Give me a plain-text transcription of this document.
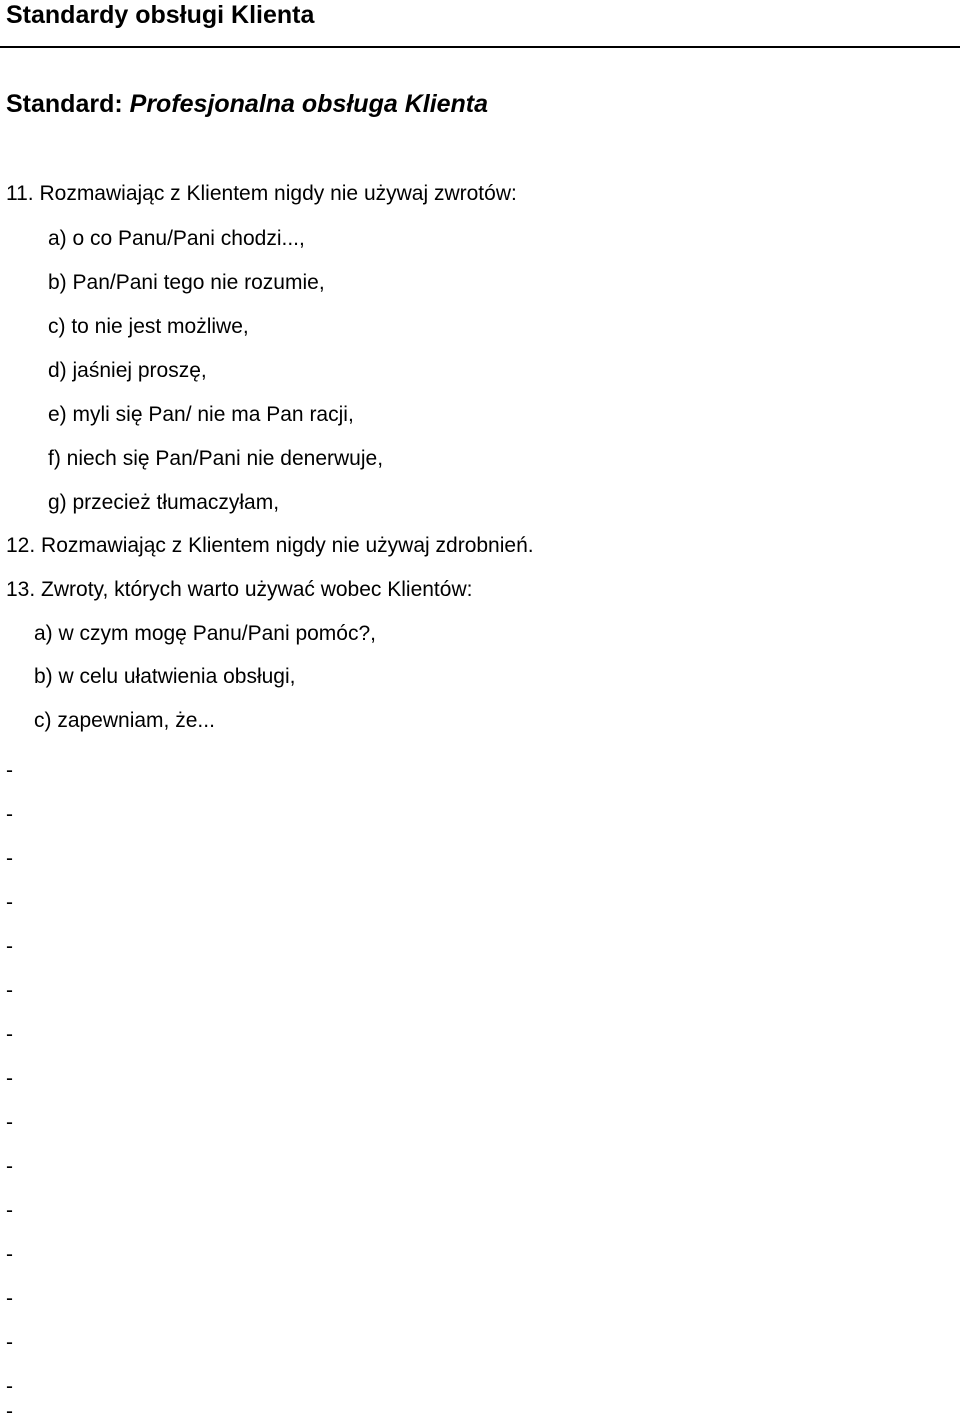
Standardy obsługi Klienta
Standard: Profesjonalna obsługa Klienta
11. Rozmawiając z Klientem nigdy nie używaj zwrotów:
a) o co Panu/Pani chodzi...,
b) Pan/Pani tego nie rozumie,
c) to nie jest możliwe,
d) jaśniej proszę,
e) myli się Pan/ nie ma Pan racji,
f) niech się Pan/Pani nie denerwuje,
g) przecież tłumaczyłam,
12. Rozmawiając z Klientem nigdy nie używaj zdrobnień.
13. Zwroty, których warto używać wobec Klientów:
a) w czym mogę Panu/Pani pomóc?,
b) w celu ułatwienia obsługi,
c) zapewniam, że...
-
-
-
-
-
-
-
-
-
-
-
-
-
-
-
-
